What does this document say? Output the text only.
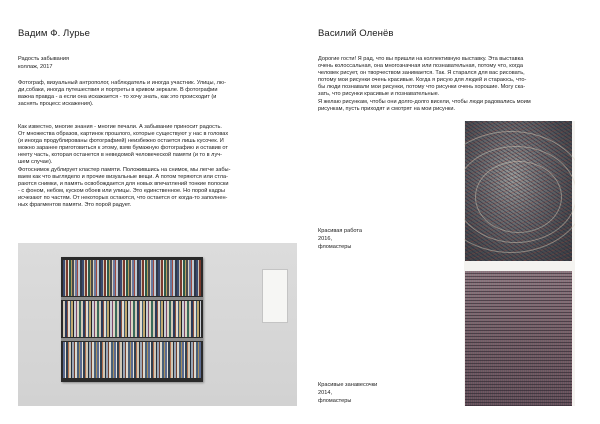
Вадим Ф. Лурье
Радость забывания
коллаж, 2017
Фотограф, визуальный антрополог, наблюдатель и иногда участник. Улицы, лю-
ди,собаки, иногда путешествия и портреты в кривом зеркале. В фотографии
важна правда - а если она искажается - то хочу знать, как это происходит (и
заснять процесс искажения).
Как известно, многие знания - многие печали. А забывание приносит радость.
От множества образов, картинок прошлого, которые существуют у нас в головах
(и иногда продублированы фотографией) неизбежно остается лишь кусочек. И
можно заранее приготовиться к этому, взяв бумажную фотографию и оставив от
неету часть, которая останется в неведомой человеческой памяти (и то в луч-
шем случае).
Фотоснимок дублирует кластер памяти. Положившись на снимок, мы легче забы-
ваем как что выглядело и прочие визуальные вещи. А потом теряются или стла-
раются снимки, и память освобождается для новых впечатлений тонкие полоски
- с фоном, небом, куском обоев или улицы. Это единственное. Но порой кадры
исчезают по частям. От некоторых остаются, что остается от когда-то заполнен-
ных фрагментов памяти. Это порой радует.
Василий Оленёв
Дорогие гости! Я рад, что вы пришли на коллективную выставку. Эта выставка
очень колоссальная, она многозначная или познавательная, потому что, когда
человек рисует, он творчеством занимается. Так. Я старался для вас рисовать,
потому мои рисунки очень красивые. Когда я рисую для людей и стараюсь, что-
бы люди познавали мои рисунки, потому что рисунки очень хорошие. Могу ска-
зать, что рисунки красивые и познавательные.
Я желаю рисункам, чтобы они долго-долго висели, чтобы люди радовались моим
рисункам, пусть приходят и смотрят на мои рисунки.
Красивая работа
2016,
фломастеры
Красивые занавесочки
2014,
фломастеры
